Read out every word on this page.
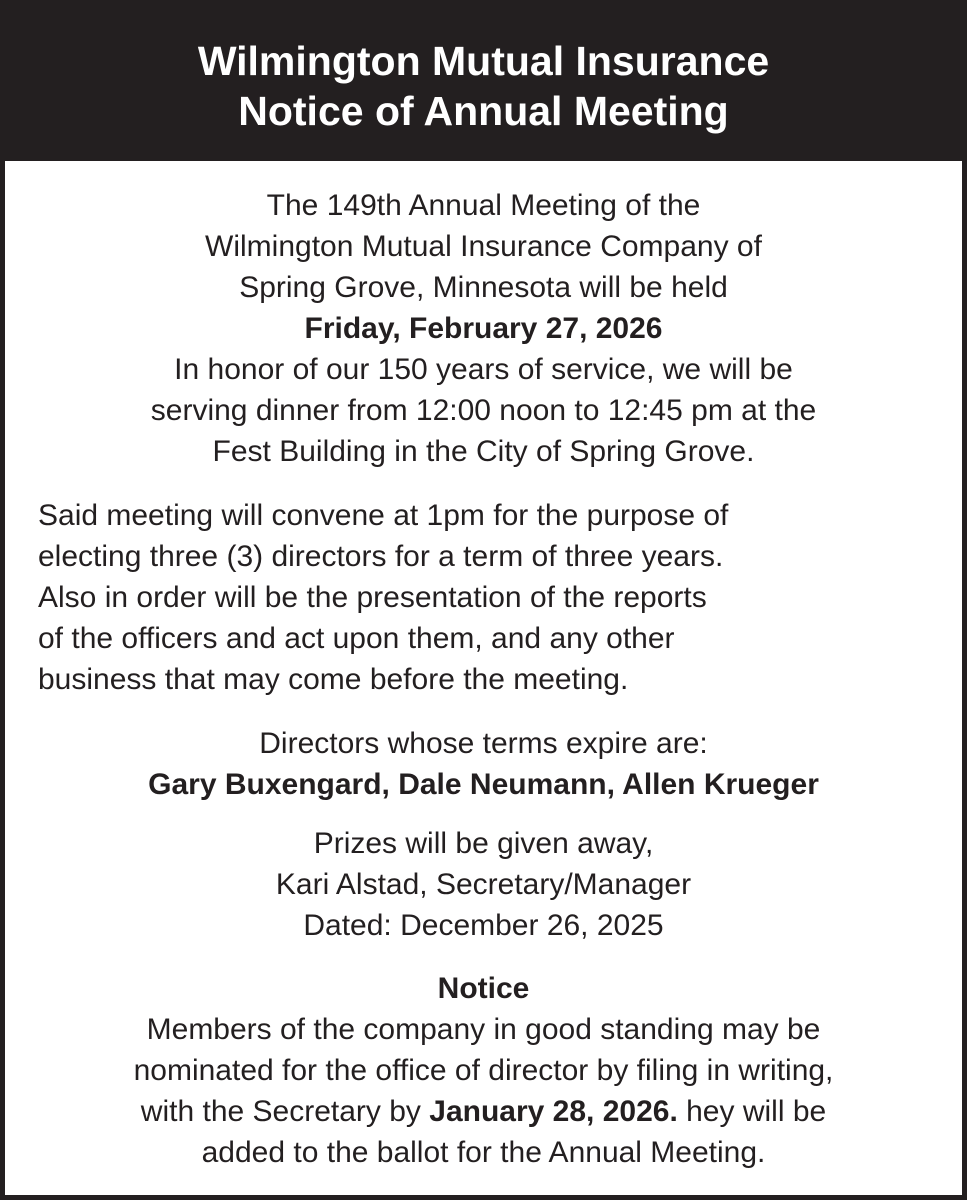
Wilmington Mutual Insurance
Notice of Annual Meeting
The 149th Annual Meeting of the
Wilmington Mutual Insurance Company of
Spring Grove, Minnesota will be held
Friday, February 27, 2026
In honor of our 150 years of service, we will be
serving dinner from 12:00 noon to 12:45 pm at the
Fest Building in the City of Spring Grove.
Said meeting will convene at 1pm for the purpose of
electing three (3) directors for a term of three years.
Also in order will be the presentation of the reports
of the officers and act upon them, and any other
business that may come before the meeting.
Directors whose terms expire are:
Gary Buxengard, Dale Neumann, Allen Krueger
Prizes will be given away,
Kari Alstad, Secretary/Manager
Dated: December 26, 2025
Notice
Members of the company in good standing may be
nominated for the office of director by filing in writing,
with the Secretary by January 28, 2026. hey will be
added to the ballot for the Annual Meeting.
